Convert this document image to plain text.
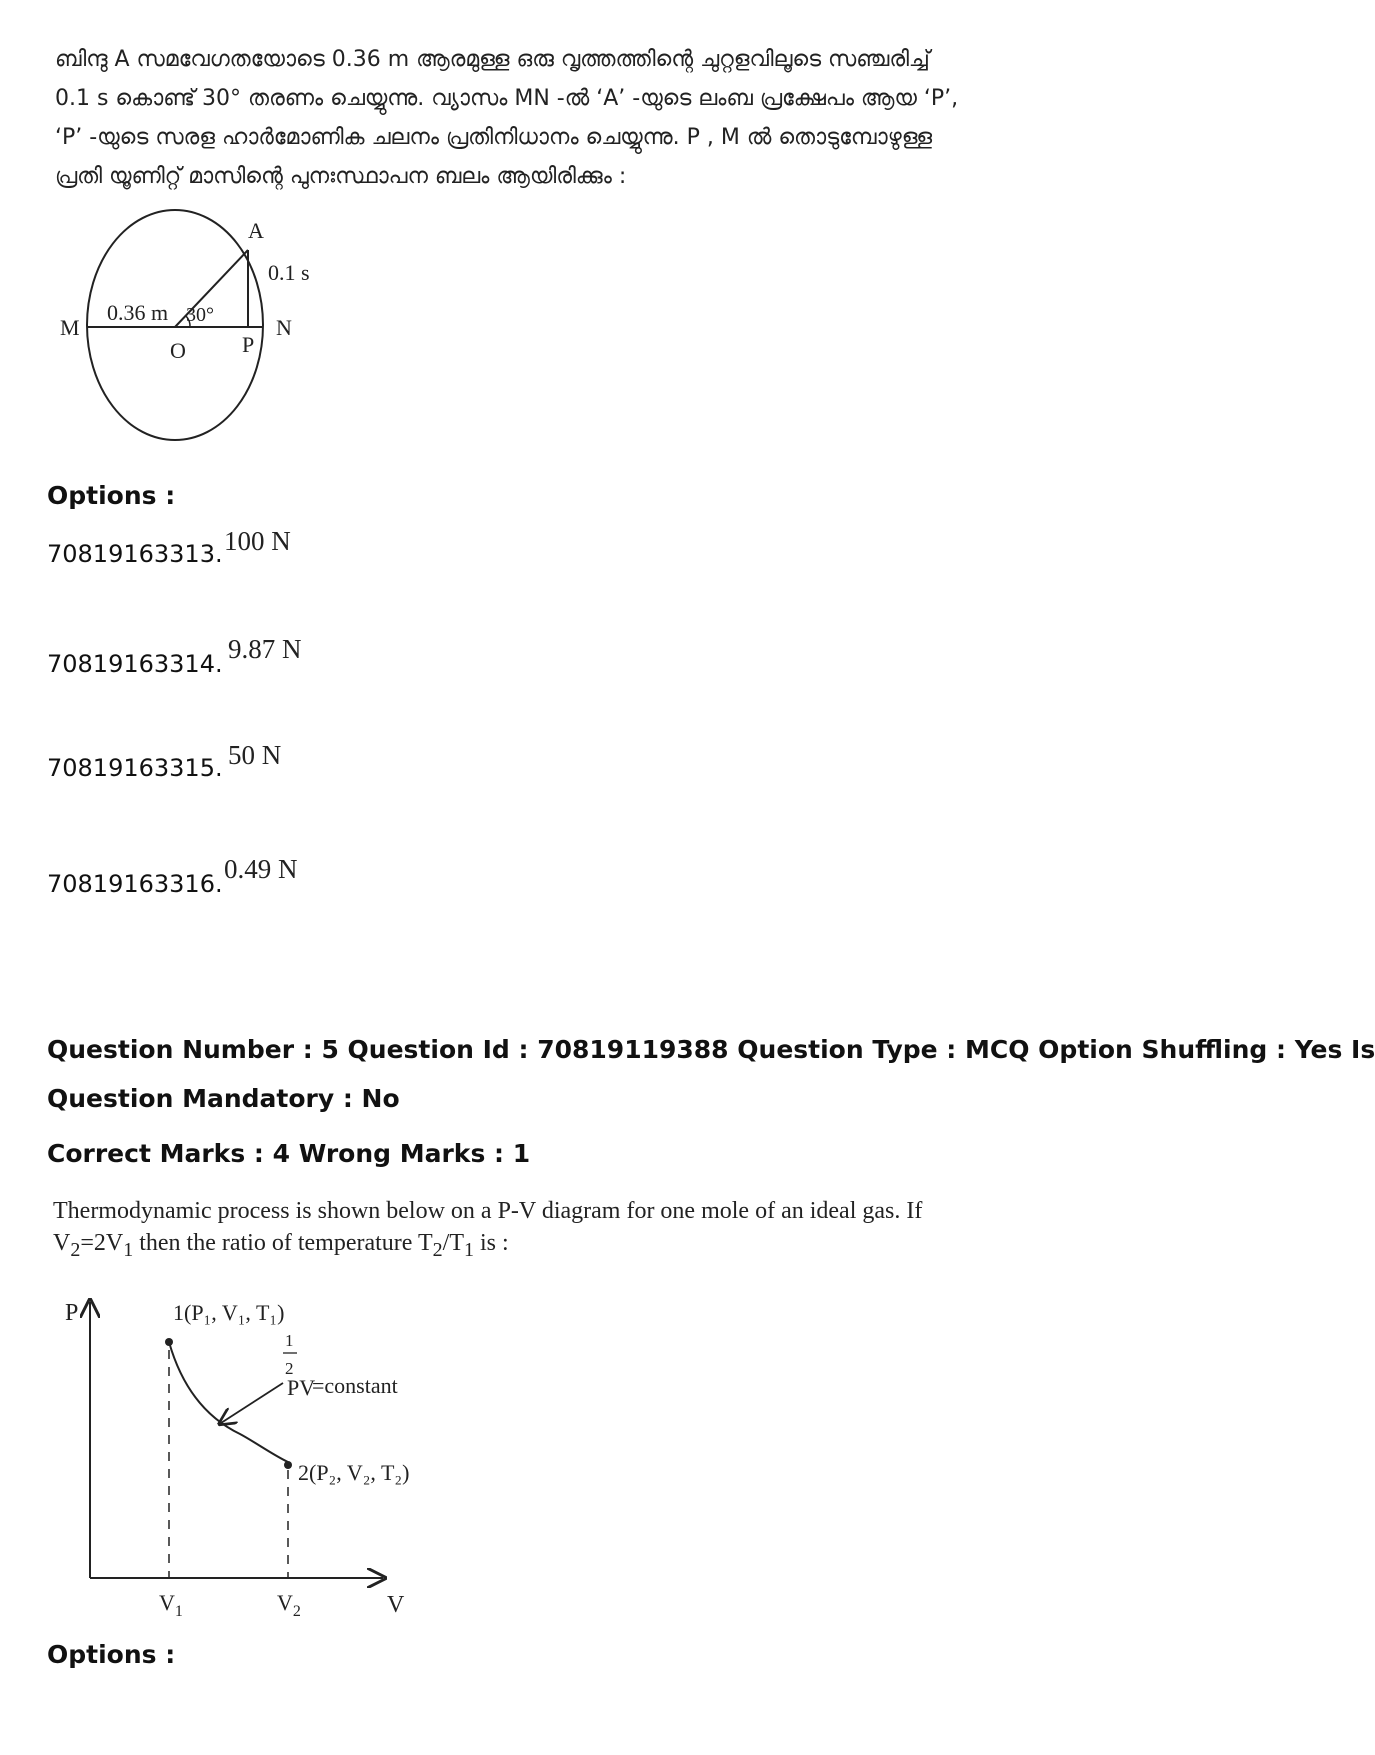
ബിന്ദു A സമവേഗതയോടെ 0.36 m ആരമുള്ള ഒരു വൃത്തത്തിന്റെ ചുറ്റളവിലൂടെ സഞ്ചരിച്ച്
0.1 s കൊണ്ട് 30° തരണം ചെയ്യുന്നു. വ്യാസം MN -ൽ ‘A’ -യുടെ ലംബ പ്രക്ഷേപം ആയ ‘P’,
‘P’ -യുടെ സരള ഹാർമോണിക ചലനം പ്രതിനിധാനം ചെയ്യുന്നു. P , M ൽ തൊടുമ്പോഴുള്ള
പ്രതി യൂണിറ്റ് മാസിന്റെ പുനഃസ്ഥാപന ബലം ആയിരിക്കും :
A
0.1 s
0.36 m 30°
M	N
O	P
Options :
70819163313. 100 N
70819163314. 9.87 N
70819163315. 50 N
70819163316. 0.49 N
Question Number : 5 Question Id : 70819119388 Question Type : MCQ Option Shuffling : Yes Is
Question Mandatory : No
Correct Marks : 4 Wrong Marks : 1
Thermodynamic process is shown below on a P-V diagram for one mole of an ideal gas. If
$V_2=2V_1$ then the ratio of temperature $T_2/T_1$ is :
P
V
1(P₁, V₁, T₁)
2(P₂, V₂, T₂)
PV
1
2
=constant
$V_1$	$V_2$
Options :
